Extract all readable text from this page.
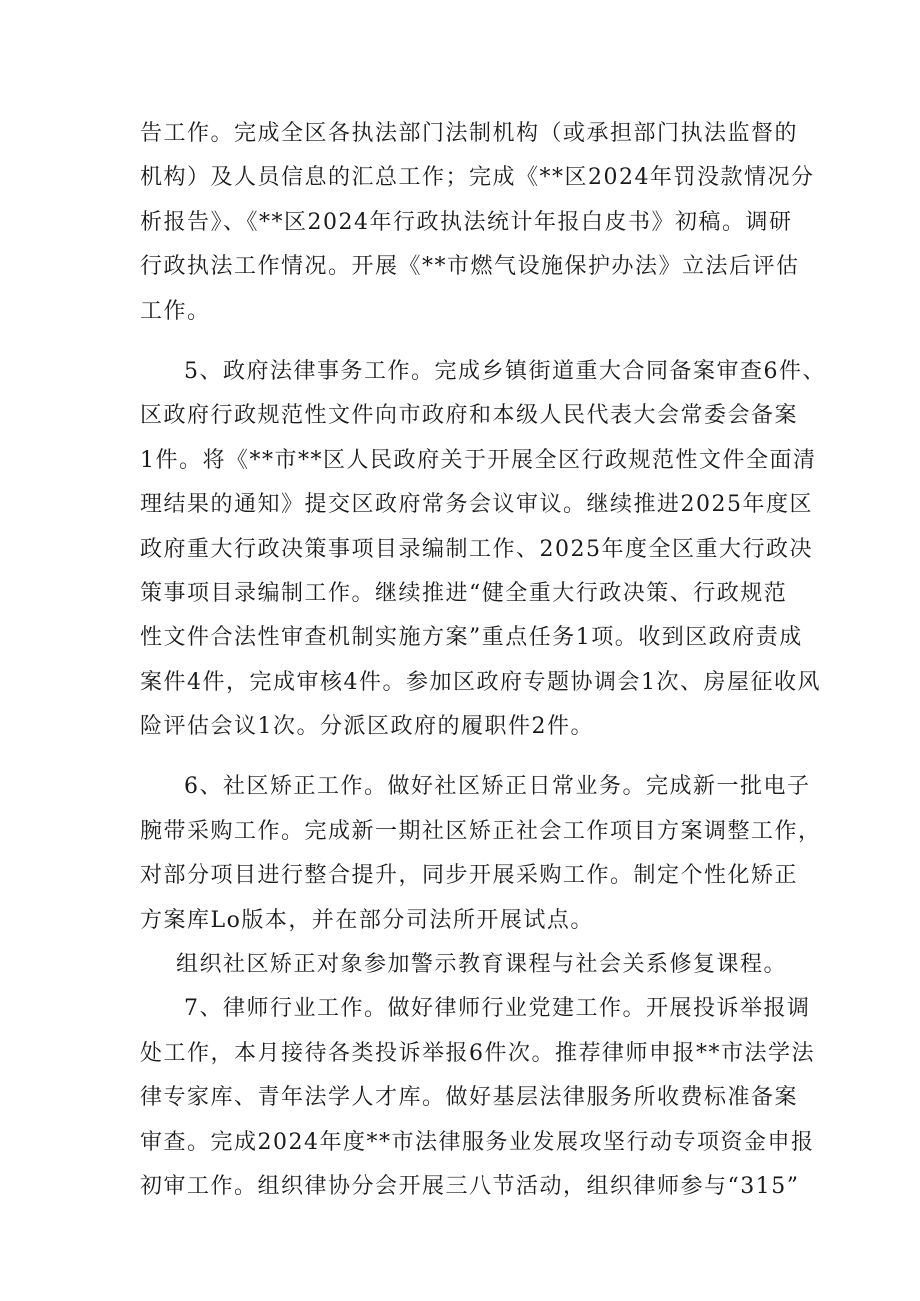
告工作。完成全区各执法部门法制机构（或承担部门执法监督的
机构）及人员信息的汇总工作；完成《**区2024年罚没款情况分
析报告》、《**区2024年行政执法统计年报白皮书》初稿。调研
行政执法工作情况。开展《**市燃气设施保护办法》立法后评估
工作。
5、政府法律事务工作。完成乡镇街道重大合同备案审查6件、
区政府行政规范性文件向市政府和本级人民代表大会常委会备案
1件。将《**市**区人民政府关于开展全区行政规范性文件全面清
理结果的通知》提交区政府常务会议审议。继续推进2025年度区
政府重大行政决策事项目录编制工作、2025年度全区重大行政决
策事项目录编制工作。继续推进“健全重大行政决策、行政规范
性文件合法性审查机制实施方案”重点任务1项。收到区政府责成
案件4件，完成审核4件。参加区政府专题协调会1次、房屋征收风
险评估会议1次。分派区政府的履职件2件。
6、社区矫正工作。做好社区矫正日常业务。完成新一批电子
腕带采购工作。完成新一期社区矫正社会工作项目方案调整工作，
对部分项目进行整合提升，同步开展采购工作。制定个性化矫正
方案库Lo版本，并在部分司法所开展试点。
组织社区矫正对象参加警示教育课程与社会关系修复课程。
7、律师行业工作。做好律师行业党建工作。开展投诉举报调
处工作，本月接待各类投诉举报6件次。推荐律师申报**市法学法
律专家库、青年法学人才库。做好基层法律服务所收费标准备案
审查。完成2024年度**市法律服务业发展攻坚行动专项资金申报
初审工作。组织律协分会开展三八节活动，组织律师参与“315”
